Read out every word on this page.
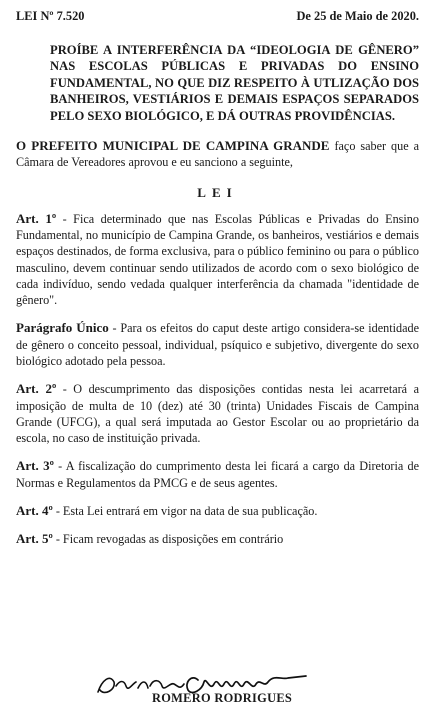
LEI Nº 7.520	De 25 de Maio de 2020.
PROÍBE A INTERFERÊNCIA DA “IDEOLOGIA DE GÊNERO” NAS ESCOLAS PÚBLICAS E PRIVADAS DO ENSINO FUNDAMENTAL, NO QUE DIZ RESPEITO À UTLIZAÇÃO DOS BANHEIROS, VESTIÁRIOS E DEMAIS ESPAÇOS SEPARADOS PELO SEXO BIOLÓGICO, E DÁ OUTRAS PROVIDÊNCIAS.

O PREFEITO MUNICIPAL DE CAMPINA GRANDE faço saber que a Câmara de Vereadores aprovou e eu sanciono a seguinte,

LEI

Art. 1º - Fica determinado que nas Escolas Públicas e Privadas do Ensino Fundamental, no município de Campina Grande, os banheiros, vestiários e demais espaços destinados, de forma exclusiva, para o público feminino ou para o público masculino, devem continuar sendo utilizados de acordo com o sexo biológico de cada indivíduo, sendo vedada qualquer interferência da chamada "identidade de gênero".

Parágrafo Único - Para os efeitos do caput deste artigo considera-se identidade de gênero o conceito pessoal, individual, psíquico e subjetivo, divergente do sexo biológico adotado pela pessoa.

Art. 2º - O descumprimento das disposições contidas nesta lei acarretará a imposição de multa de 10 (dez) até 30 (trinta) Unidades Fiscais de Campina Grande (UFCG), a qual será imputada ao Gestor Escolar ou ao proprietário da escola, no caso de instituição privada.

Art. 3º - A fiscalização do cumprimento desta lei ficará a cargo da Diretoria de Normas e Regulamentos da PMCG e de seus agentes.

Art. 4º - Esta Lei entrará em vigor na data de sua publicação.

Art. 5º - Ficam revogadas as disposições em contrário

ROMERO RODRIGUES
